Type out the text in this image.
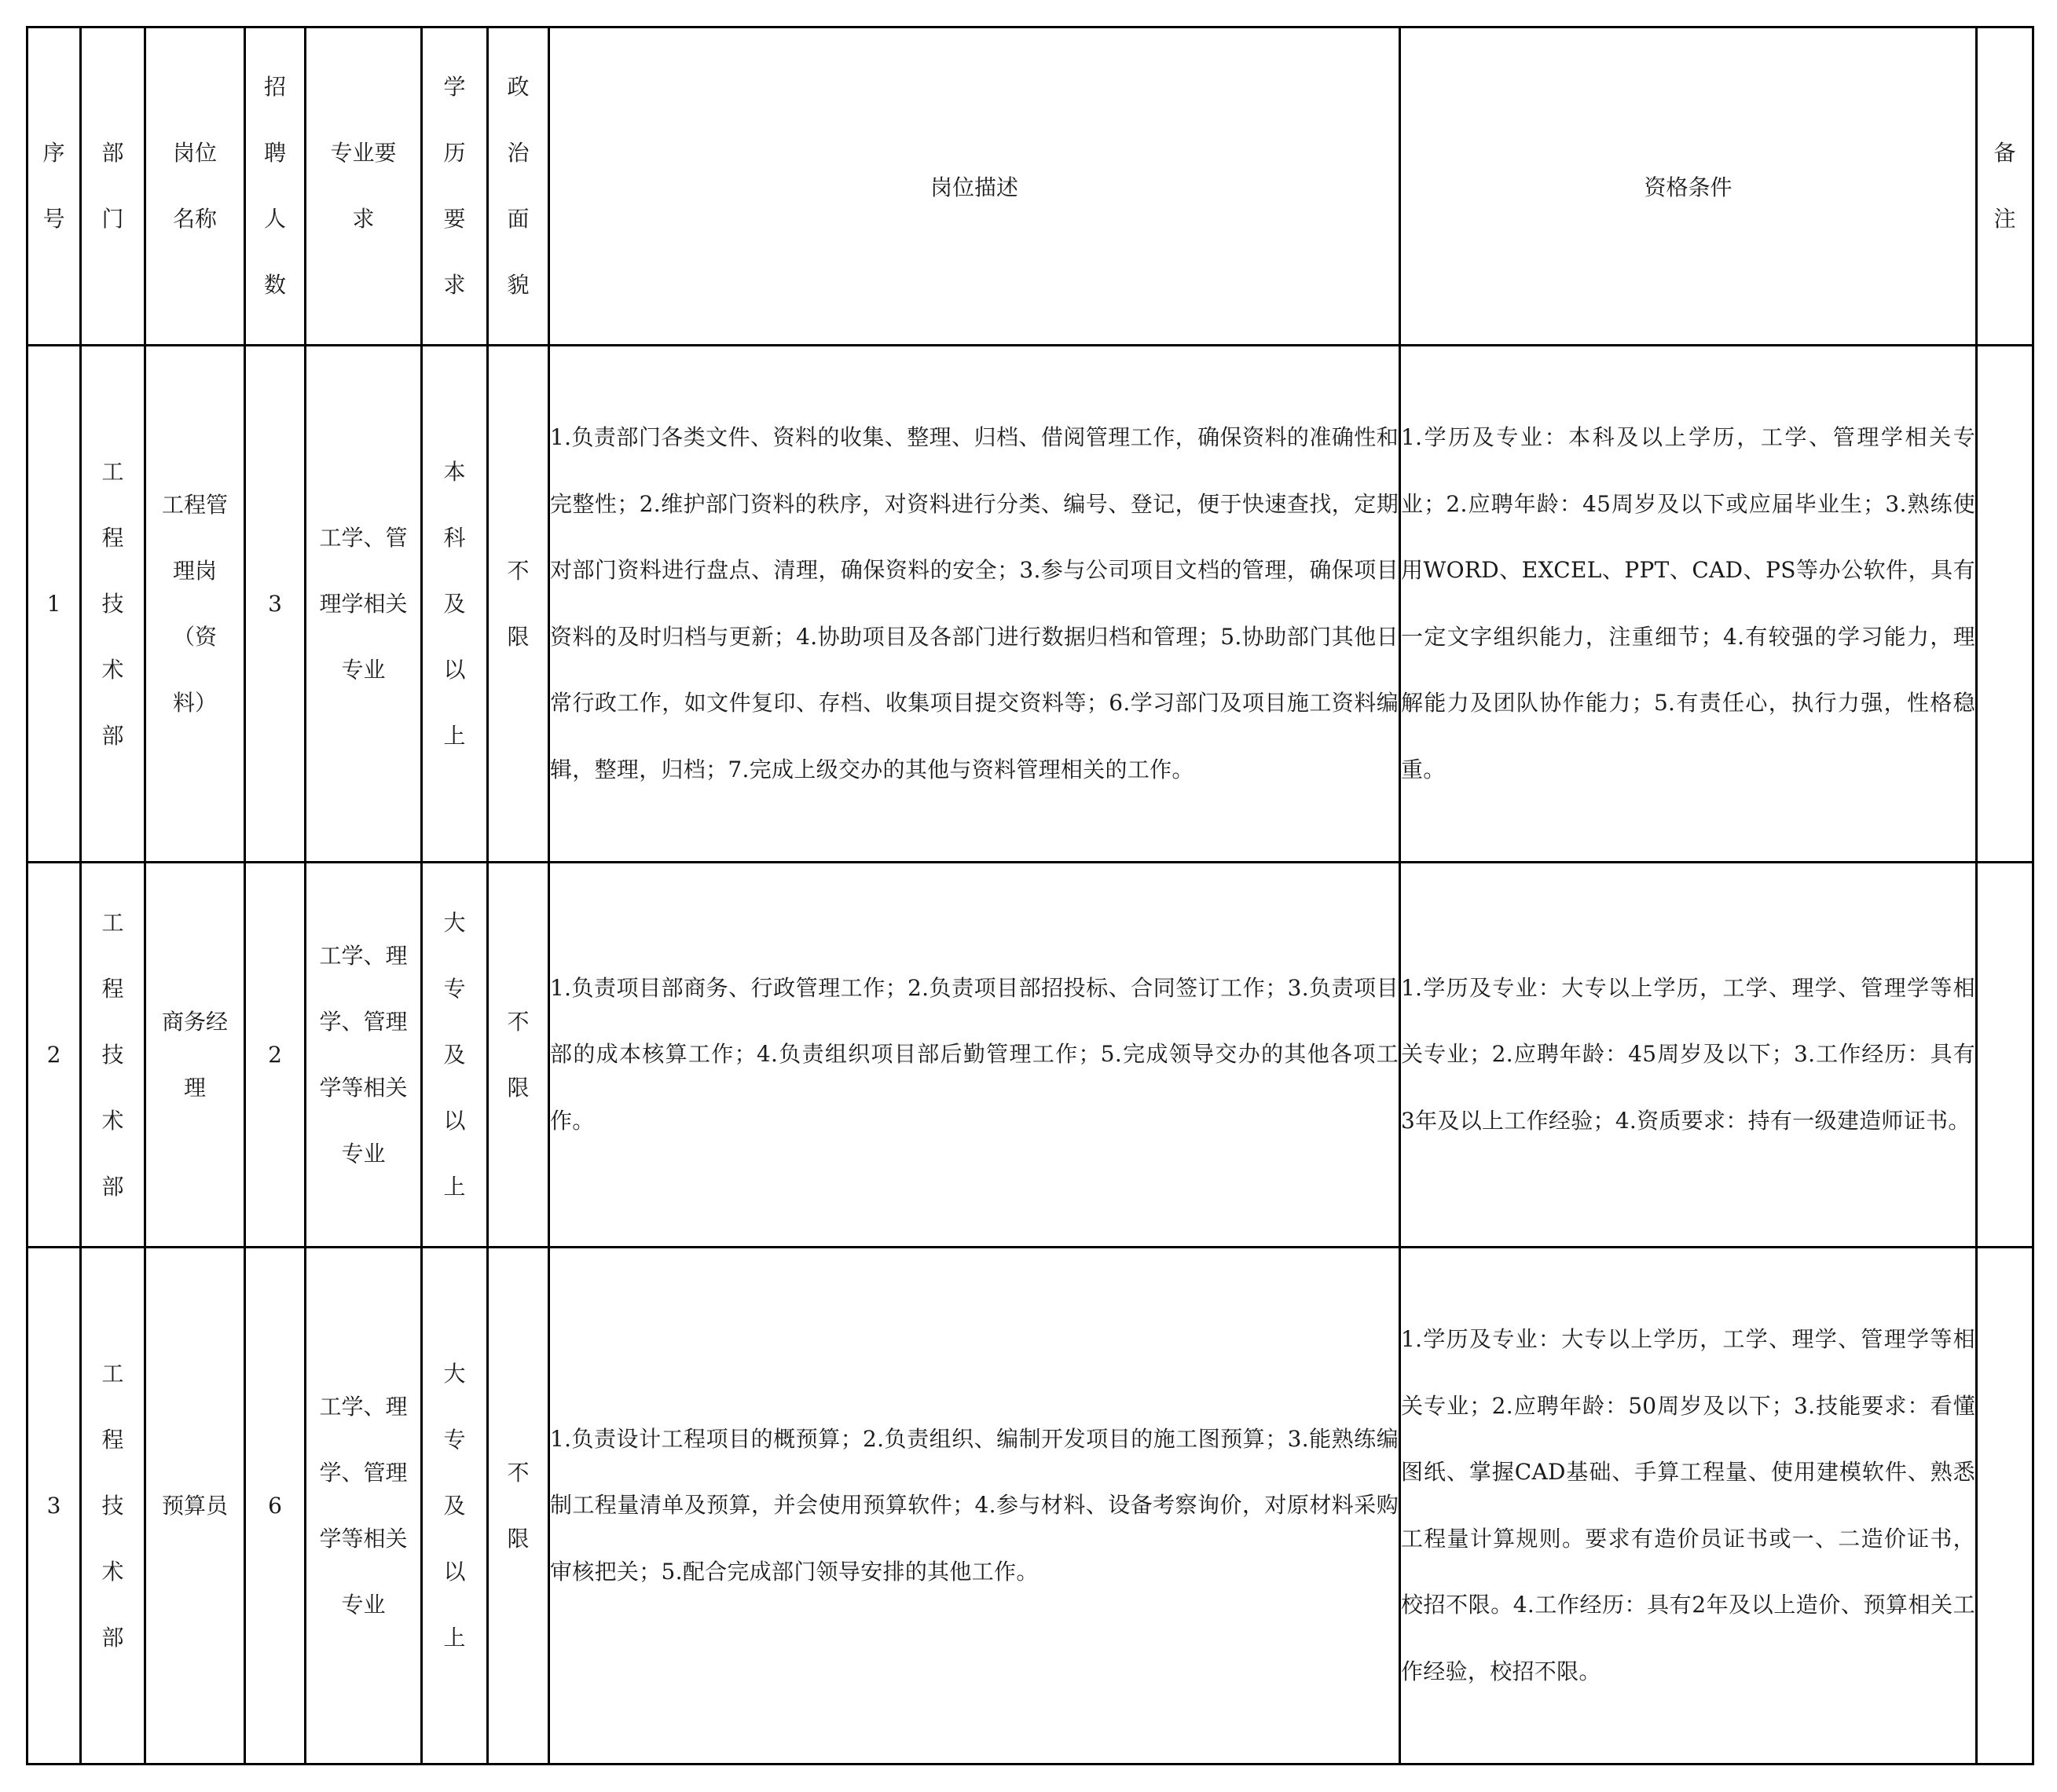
序号	部门	岗位名称	招聘人数	专业要求	学历要求	政治面貌	岗位描述	资格条件	备注
1	工程技术部	工程管理岗（资料）	3	工学、管理学相关专业	本科及以上	不限	1.负责部门各类文件、资料的收集、整理、归档、借阅管理工作，确保资料的准确性和完整性；2.维护部门资料的秩序，对资料进行分类、编号、登记，便于快速查找，定期对部门资料进行盘点、清理，确保资料的安全；3.参与公司项目文档的管理，确保项目资料的及时归档与更新；4.协助项目及各部门进行数据归档和管理；5.协助部门其他日常行政工作，如文件复印、存档、收集项目提交资料等；6.学习部门及项目施工资料编辑，整理，归档；7.完成上级交办的其他与资料管理相关的工作。	1.学历及专业：本科及以上学历，工学、管理学相关专业；2.应聘年龄：45周岁及以下或应届毕业生；3.熟练使用WORD、EXCEL、PPT、CAD、PS等办公软件，具有一定文字组织能力，注重细节；4.有较强的学习能力，理解能力及团队协作能力；5.有责任心，执行力强，性格稳重。	
2	工程技术部	商务经理	2	工学、理学、管理学等相关专业	大专及以上	不限	1.负责项目部商务、行政管理工作；2.负责项目部招投标、合同签订工作；3.负责项目部的成本核算工作；4.负责组织项目部后勤管理工作；5.完成领导交办的其他各项工作。	1.学历及专业：大专以上学历，工学、理学、管理学等相关专业；2.应聘年龄：45周岁及以下；3.工作经历：具有3年及以上工作经验；4.资质要求：持有一级建造师证书。	
3	工程技术部	预算员	6	工学、理学、管理学等相关专业	大专及以上	不限	1.负责设计工程项目的概预算；2.负责组织、编制开发项目的施工图预算；3.能熟练编制工程量清单及预算，并会使用预算软件；4.参与材料、设备考察询价，对原材料采购审核把关；5.配合完成部门领导安排的其他工作。	1.学历及专业：大专以上学历，工学、理学、管理学等相关专业；2.应聘年龄：50周岁及以下；3.技能要求：看懂图纸、掌握CAD基础、手算工程量、使用建模软件、熟悉工程量计算规则。要求有造价员证书或一、二造价证书，校招不限。4.工作经历：具有2年及以上造价、预算相关工作经验，校招不限。	
